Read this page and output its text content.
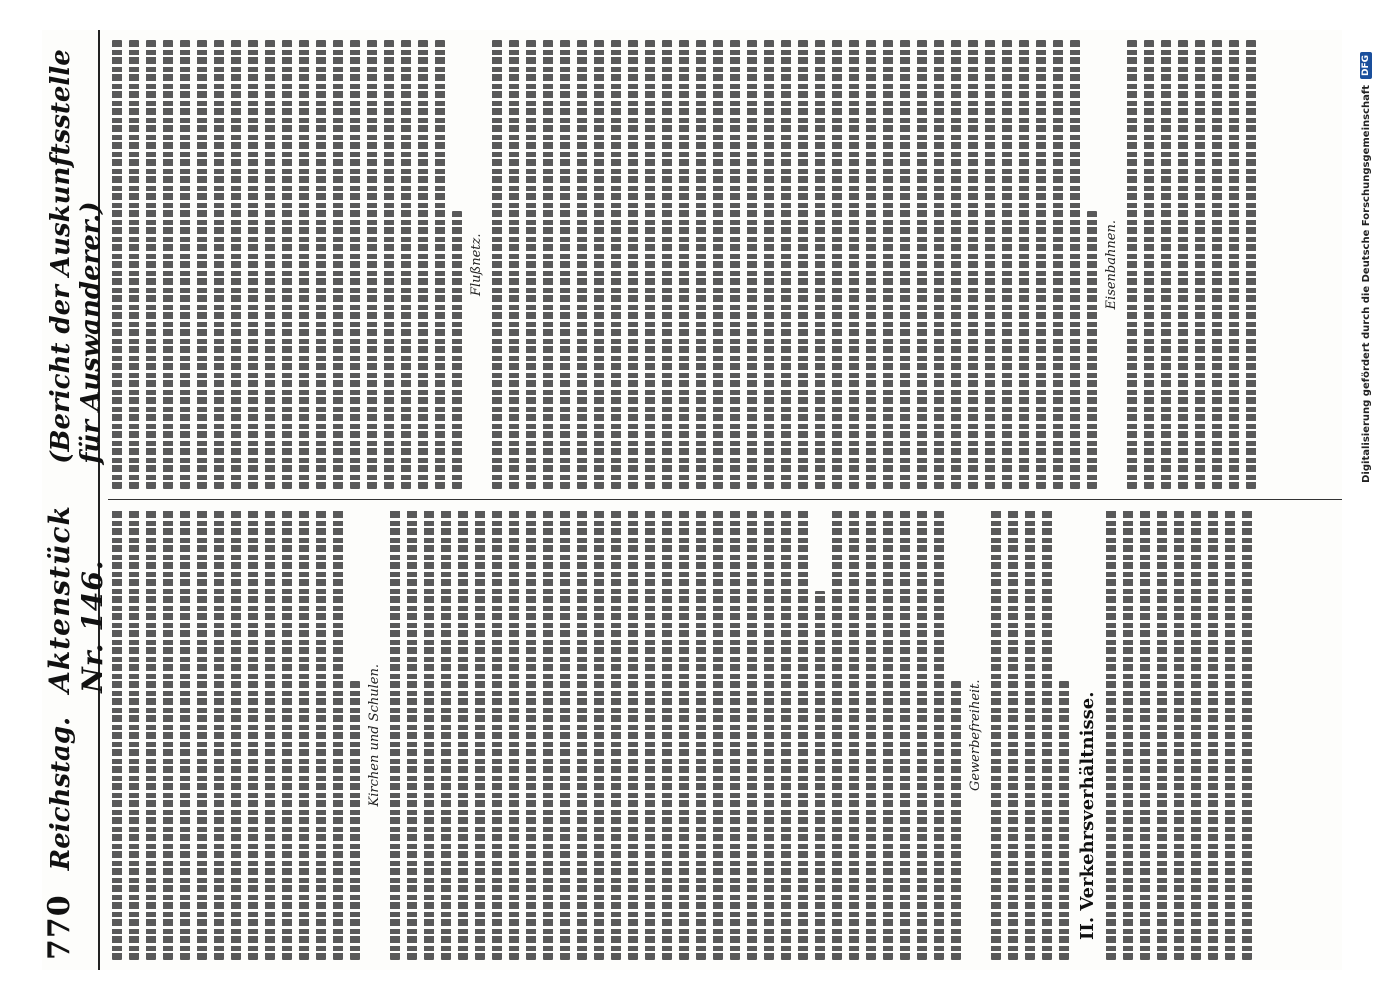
770
Reichstag.
Aktenstück Nr. 146.
(Bericht der Auskunftsstelle für Auswanderer.)
Kirchen und Schulen.	Gewerbefreiheit.	II. Verkehrsverhältnisse.
Flußnetz.	Eisenbahnen.
DFG
Digitalisierung gefördert durch die Deutsche Forschungsgemeinschaft
